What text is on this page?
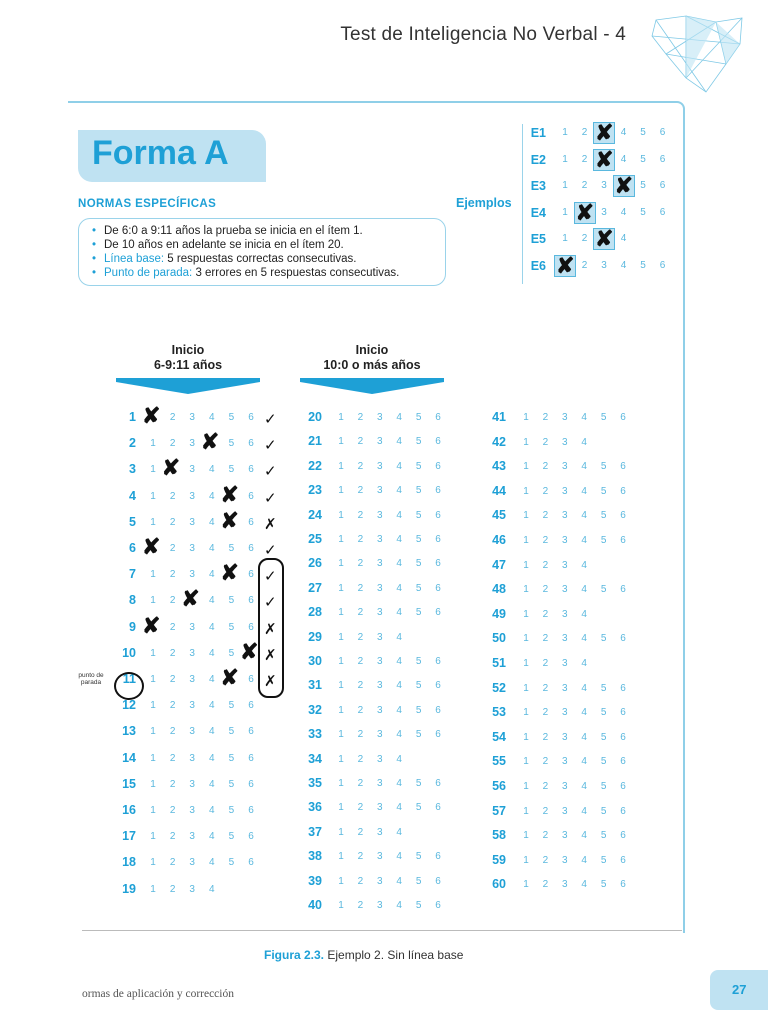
Test de Inteligencia No Verbal - 4
Forma A
NORMAS ESPECÍFICAS
• De 6:0 a 9:11 años la prueba se inicia en el ítem 1.
• De 10 años en adelante se inicia en el ítem 20.
• Línea base: 5 respuestas correctas consecutivas.
• Punto de parada: 3 errores en 5 respuestas consecutivas.
Ejemplos
E1 1 2 ✘ 4 5 6
E2 1 2 ✘ 4 5 6
E3 1 2 3 ✘ 5 6
E4 1 ✘ 3 4 5 6
E5 1 2 ✘ 4
E6 ✘ 2 3 4 5 6
Inicio
6-9:11 años
Inicio
10:0 o más años
1 ✘ 2 3 4 5 6 ✓
2 1 2 3 ✘ 5 6 ✓
3 1 ✘ 3 4 5 6 ✓
4 1 2 3 4 ✘ 6 ✓
5 1 2 3 4 ✘ 6 ✗
6 ✘ 2 3 4 5 6 ✓
7 1 2 3 4 ✘ 6 ✓
8 1 2 ✘ 4 5 6 ✓
9 ✘ 2 3 4 5 6 ✗
10 1 2 3 4 5 ✘ ✗
11 1 2 3 4 ✘ 6 ✗
12 1 2 3 4 5 6
13 1 2 3 4 5 6
14 1 2 3 4 5 6
15 1 2 3 4 5 6
16 1 2 3 4 5 6
17 1 2 3 4 5 6
18 1 2 3 4 5 6
19 1 2 3 4
20 1 2 3 4 5 6
21 1 2 3 4 5 6
22 1 2 3 4 5 6
23 1 2 3 4 5 6
24 1 2 3 4 5 6
25 1 2 3 4 5 6
26 1 2 3 4 5 6
27 1 2 3 4 5 6
28 1 2 3 4 5 6
29 1 2 3 4
30 1 2 3 4 5 6
31 1 2 3 4 5 6
32 1 2 3 4 5 6
33 1 2 3 4 5 6
34 1 2 3 4
35 1 2 3 4 5 6
36 1 2 3 4 5 6
37 1 2 3 4
38 1 2 3 4 5 6
39 1 2 3 4 5 6
40 1 2 3 4 5 6
41 1 2 3 4 5 6
42 1 2 3 4
43 1 2 3 4 5 6
44 1 2 3 4 5 6
45 1 2 3 4 5 6
46 1 2 3 4 5 6
47 1 2 3 4
48 1 2 3 4 5 6
49 1 2 3 4
50 1 2 3 4 5 6
51 1 2 3 4
52 1 2 3 4 5 6
53 1 2 3 4 5 6
54 1 2 3 4 5 6
55 1 2 3 4 5 6
56 1 2 3 4 5 6
57 1 2 3 4 5 6
58 1 2 3 4 5 6
59 1 2 3 4 5 6
60 1 2 3 4 5 6
punto de parada
Figura 2.3. Ejemplo 2. Sin línea base
ormas de aplicación y corrección	27
